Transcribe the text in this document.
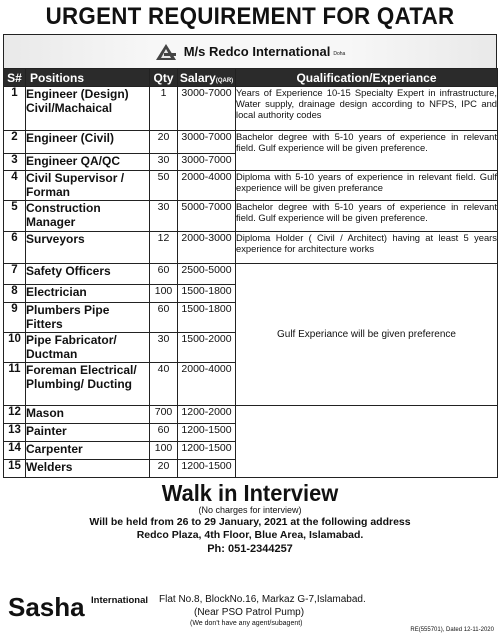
URGENT REQUIREMENT FOR QATAR
M/s Redco International Doha
S#	Positions	Qty	Salary(QAR)	Qualification/Experiance
1	Engineer (Design) Civil/Machaical	1	3000-7000	Years of Experience 10-15 Specialty Expert in infrastructure, Water supply, drainage design according to NFPS, IPC and local authority codes
2	Engineer (Civil)	20	3000-7000	Bachelor degree with 5-10 years of experience in relevant field. Gulf experience will be given preference.
3	Engineer QA/QC	30	3000-7000	
4	Civil Supervisor / Forman	50	2000-4000	Diploma with 5-10 years of experience in relevant field. Gulf experience will be given preferance
5	Construction Manager	30	5000-7000	Bachelor degree with 5-10 years of experience in relevant field. Gulf experience will be given preference.
6	Surveyors	12	2000-3000	Diploma Holder ( Civil / Architect) having at least 5 years experience for architecture works
7	Safety Officers	60	2500-5000	Gulf Experiance will be given preference
8	Electrician	100	1500-1800	
9	Plumbers Pipe Fitters	60	1500-1800	
10	Pipe Fabricator/ Ductman	30	1500-2000	
11	Foreman Electrical/ Plumbing/ Ducting	40	2000-4000	
12	Mason	700	1200-2000	
13	Painter	60	1200-1500	
14	Carpenter	100	1200-1500	
15	Welders	20	1200-1500	
Walk in Interview
(No charges for interview)
Will be held from 26 to 29 January, 2021 at the following address
Redco Plaza, 4th Floor, Blue Area, Islamabad.
Ph: 051-2344257
Sasha International Flat No.8, BlockNo.16, Markaz G-7,Islamabad.
(Near PSO Patrol Pump)
(We don't have any agent/subagent)
RE(555701), Dated 12-11-2020
